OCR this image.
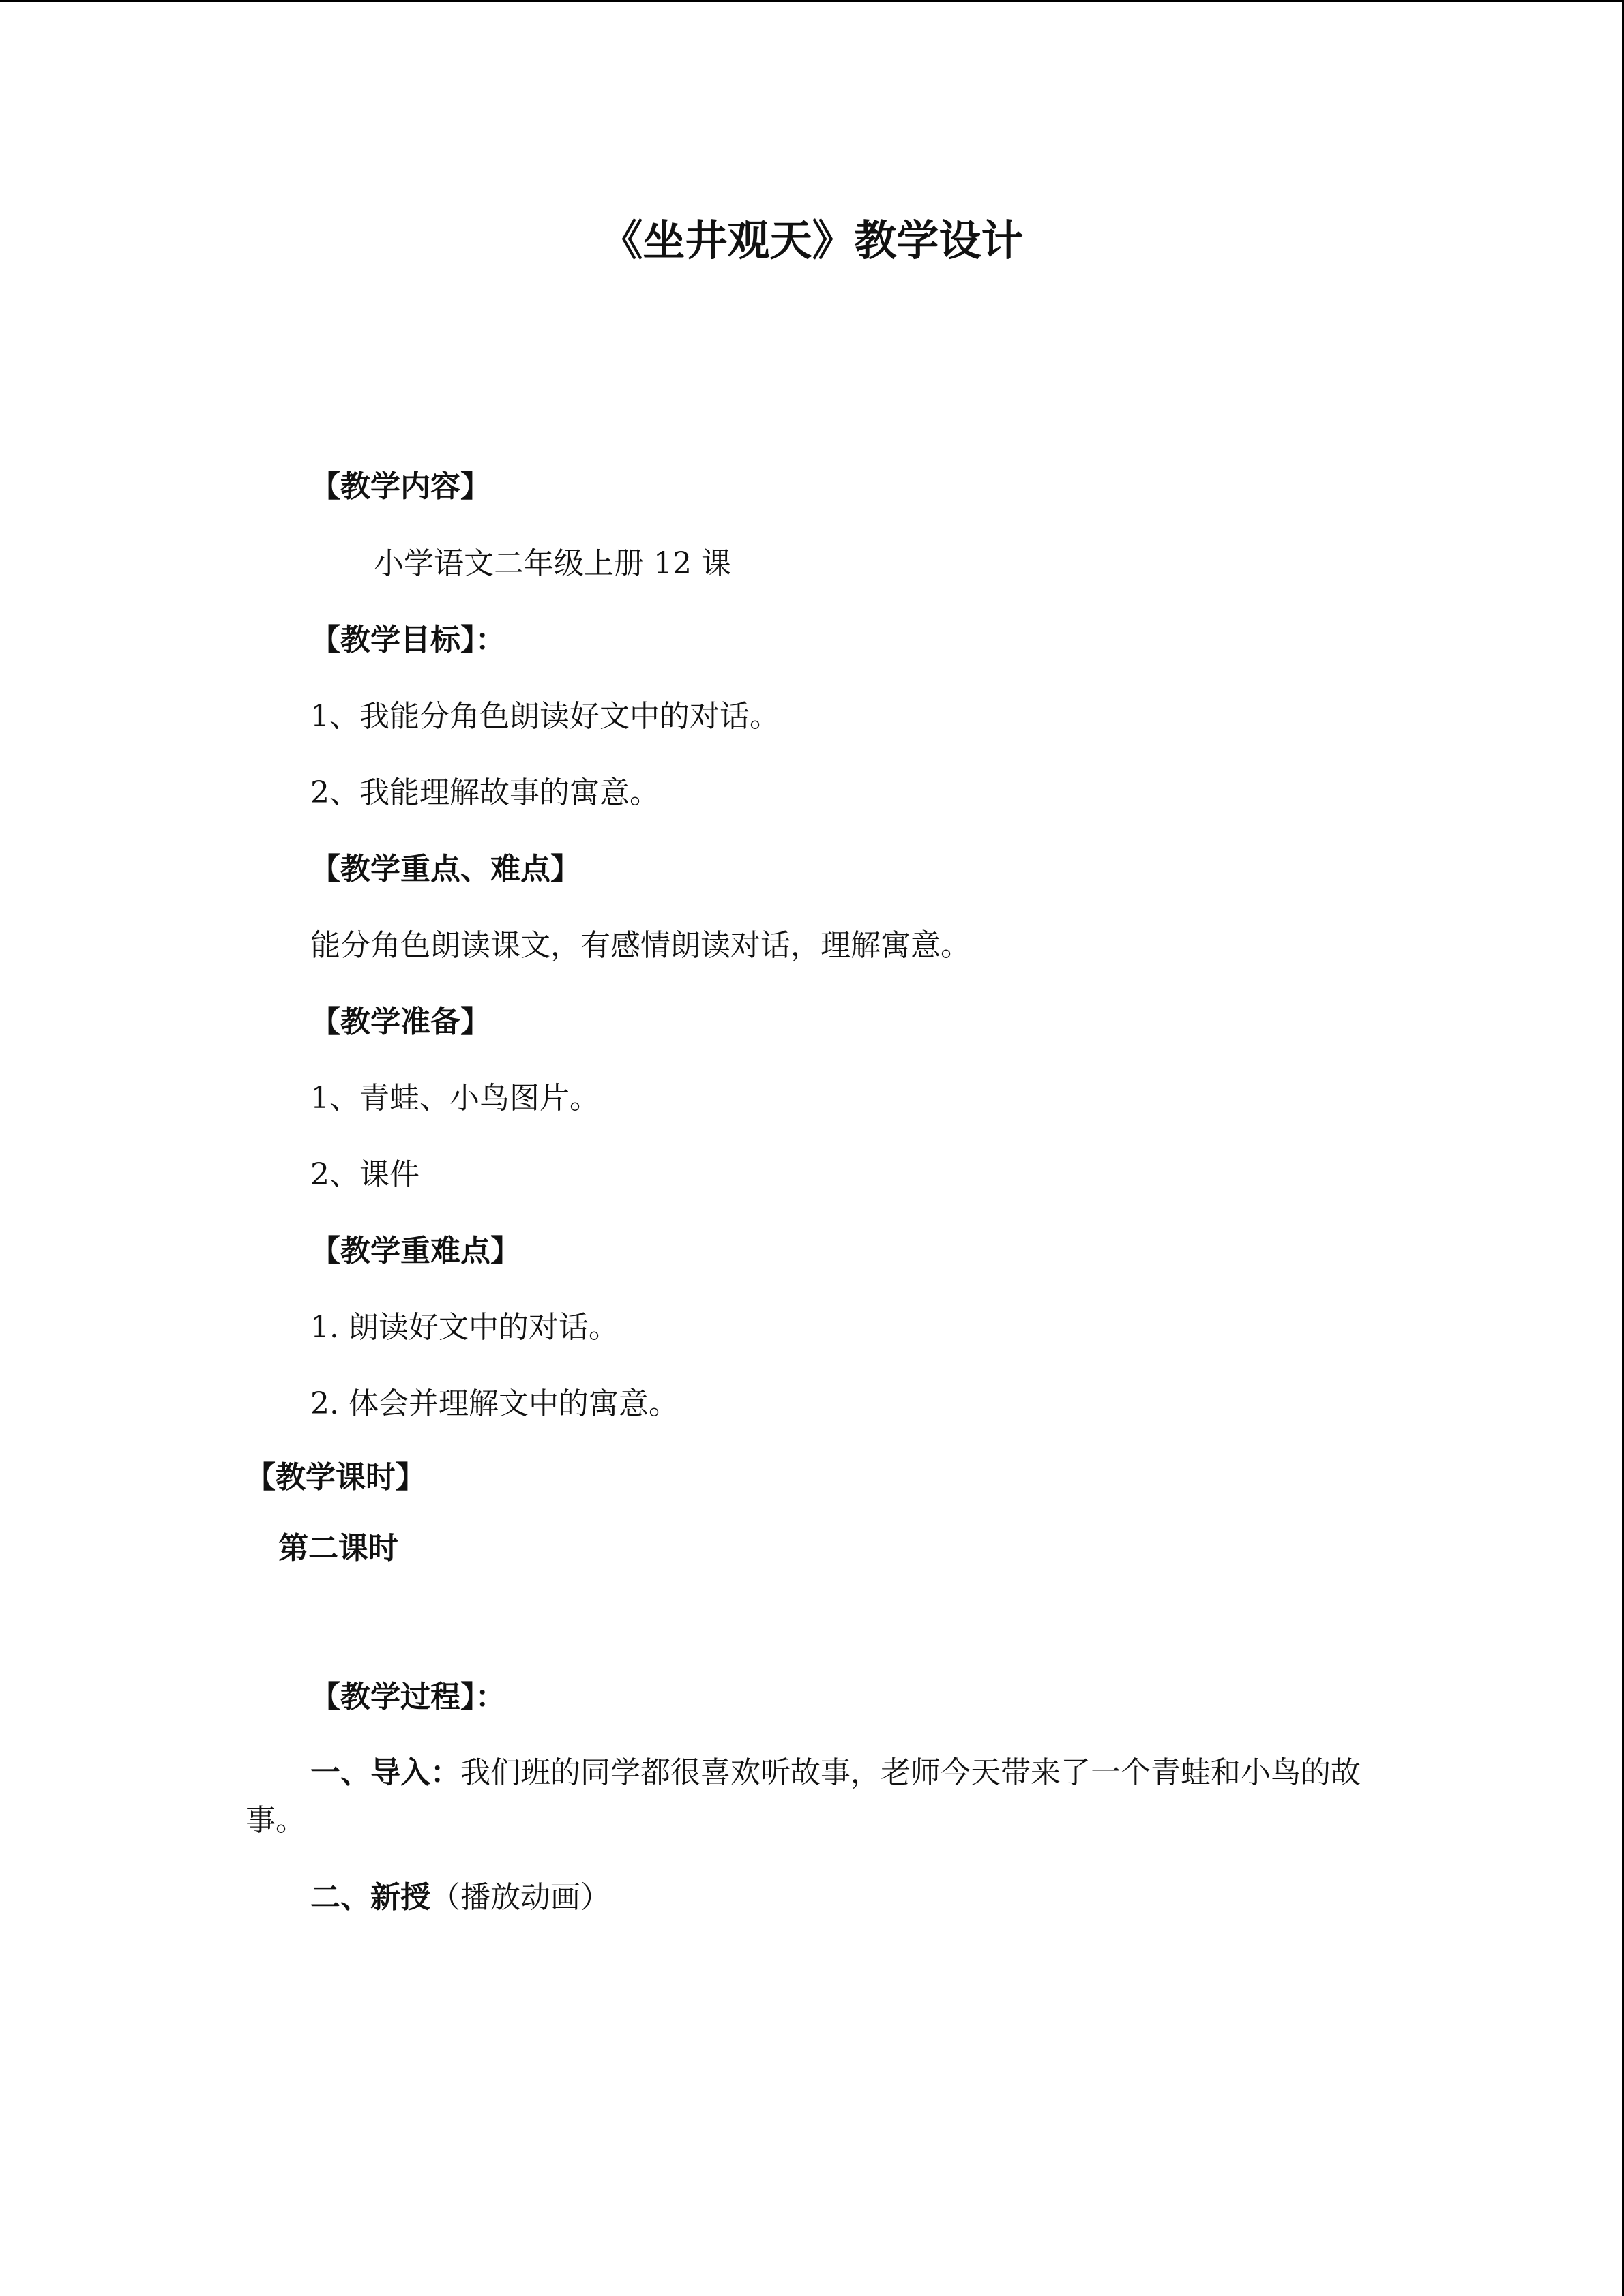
《坐井观天》教学设计
【教学内容】
小学语文二年级上册 12 课
【教学目标】：
1、我能分角色朗读好文中的对话。
2、我能理解故事的寓意。
【教学重点、难点】
能分角色朗读课文，有感情朗读对话，理解寓意。
【教学准备】
1、青蛙、小鸟图片。
2、课件
【教学重难点】
1. 朗读好文中的对话。
2. 体会并理解文中的寓意。
【教学课时】
第二课时
【教学过程】：
一、导入：我们班的同学都很喜欢听故事，老师今天带来了一个青蛙和小鸟的故事。
二、新授（播放动画）
